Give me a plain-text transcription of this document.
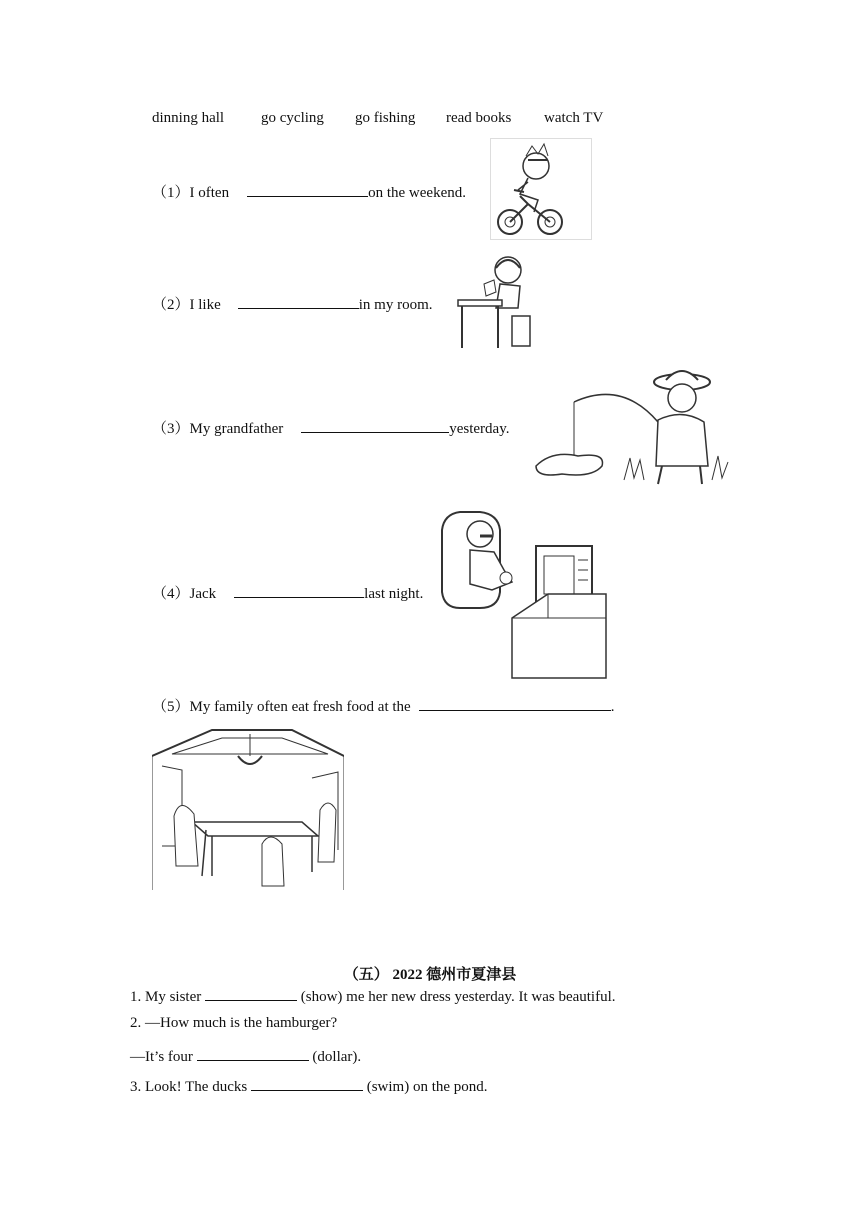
dinning hall go cycling go fishing read books watch TV
（1）I often	on the weekend.
（2）I like	in my room.
（3）My grandfather	yesterday.
（4）Jack	last night.
（5）My family often eat fresh food at the	.
（五） 2022 德州市夏津县
1. My sister	(show) me her new dress yesterday. It was beautiful.
2. —How much is the hamburger?
—It’s four	(dollar).
3. Look! The ducks	(swim) on the pond.
